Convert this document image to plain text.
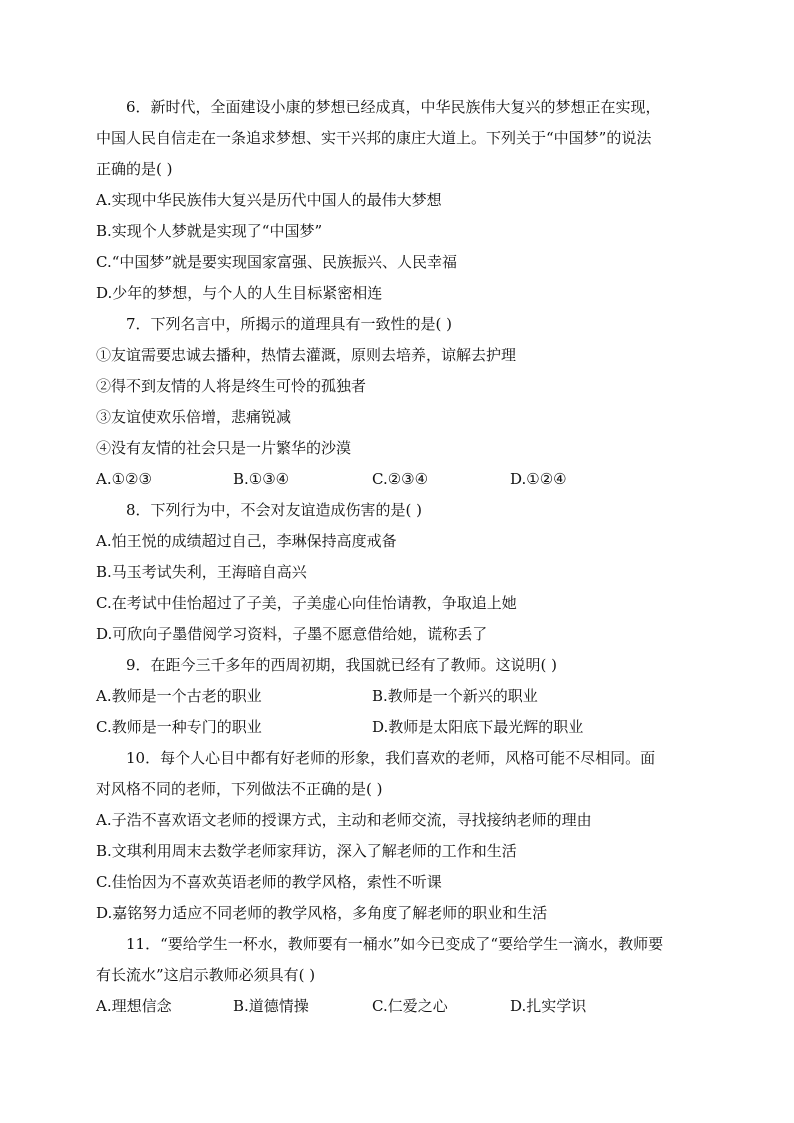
6．新时代，全面建设小康的梦想已经成真，中华民族伟大复兴的梦想正在实现，
中国人民自信走在一条追求梦想、实干兴邦的康庄大道上。下列关于“中国梦”的说法
正确的是( )
A.实现中华民族伟大复兴是历代中国人的最伟大梦想
B.实现个人梦就是实现了“中国梦”
C.“中国梦”就是要实现国家富强、民族振兴、人民幸福
D.少年的梦想，与个人的人生目标紧密相连
7．下列名言中，所揭示的道理具有一致性的是( )
①友谊需要忠诚去播种，热情去灌溉，原则去培养，谅解去护理
②得不到友情的人将是终生可怜的孤独者
③友谊使欢乐倍增，悲痛锐减
④没有友情的社会只是一片繁华的沙漠
A.①②③	B.①③④	C.②③④	D.①②④
8．下列行为中，不会对友谊造成伤害的是( )
A.怕王悦的成绩超过自己，李琳保持高度戒备
B.马玉考试失利，王海暗自高兴
C.在考试中佳怡超过了子美，子美虚心向佳怡请教，争取追上她
D.可欣向子墨借阅学习资料，子墨不愿意借给她，谎称丢了
9．在距今三千多年的西周初期，我国就已经有了教师。这说明( )
A.教师是一个古老的职业	B.教师是一个新兴的职业
C.教师是一种专门的职业	D.教师是太阳底下最光辉的职业
10．每个人心目中都有好老师的形象，我们喜欢的老师，风格可能不尽相同。面
对风格不同的老师，下列做法不正确的是( )
A.子浩不喜欢语文老师的授课方式，主动和老师交流，寻找接纳老师的理由
B.文琪利用周末去数学老师家拜访，深入了解老师的工作和生活
C.佳怡因为不喜欢英语老师的教学风格，索性不听课
D.嘉铭努力适应不同老师的教学风格，多角度了解老师的职业和生活
11．“要给学生一杯水，教师要有一桶水”如今已变成了“要给学生一滴水，教师要
有长流水”这启示教师必须具有( )
A.理想信念	B.道德情操	C.仁爱之心	D.扎实学识
